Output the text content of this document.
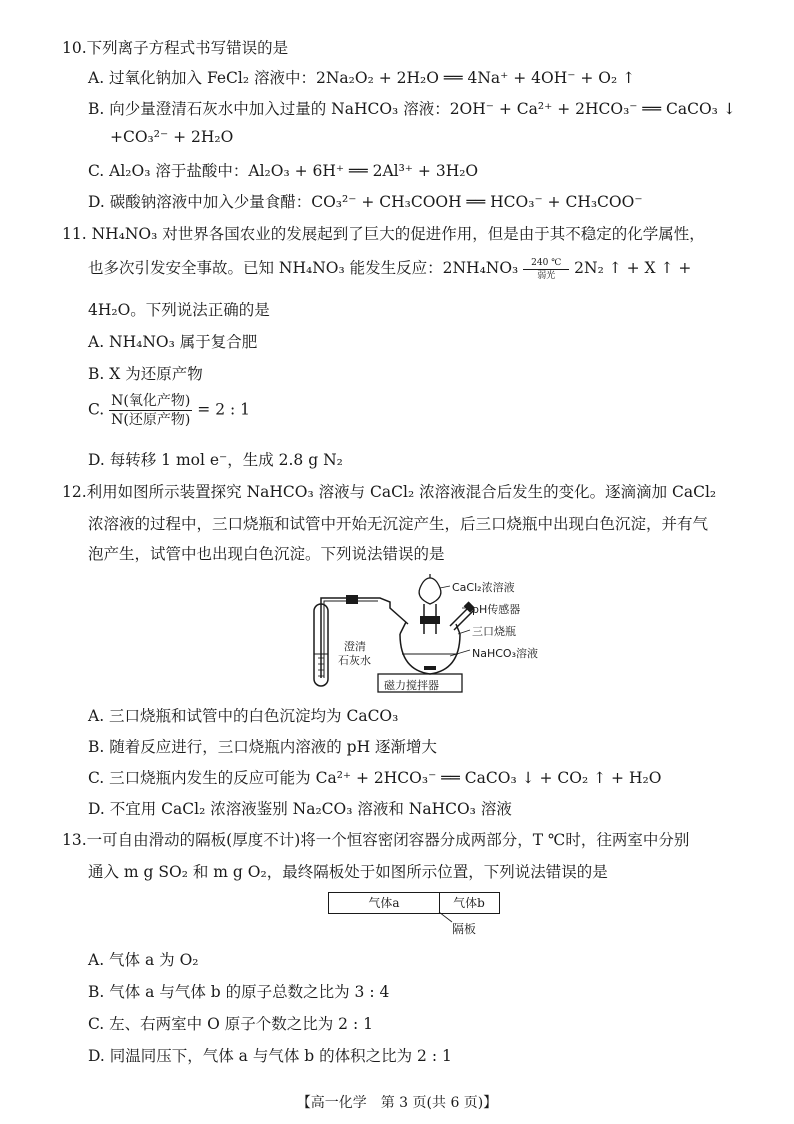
10.下列离子方程式书写错误的是
A. 过氧化钠加入 FeCl₂ 溶液中：2Na₂O₂ + 2H₂O ══ 4Na⁺ + 4OH⁻ + O₂ ↑
B. 向少量澄清石灰水中加入过量的 NaHCO₃ 溶液：2OH⁻ + Ca²⁺ + 2HCO₃⁻ ══ CaCO₃ ↓
+CO₃²⁻ + 2H₂O
C. Al₂O₃ 溶于盐酸中：Al₂O₃ + 6H⁺ ══ 2Al³⁺ + 3H₂O
D. 碳酸钠溶液中加入少量食醋：CO₃²⁻ + CH₃COOH ══ HCO₃⁻ + CH₃COO⁻
11. NH₄NO₃ 对世界各国农业的发展起到了巨大的促进作用，但是由于其不稳定的化学属性，
也多次引发安全事故。已知 NH₄NO₃ 能发生反应：2NH₄NO₃	240 ℃
弱光	2N₂ ↑ + X ↑ +
4H₂O。下列说法正确的是
A. NH₄NO₃ 属于复合肥
B. X 为还原产物
C. $\frac{\text{N(氧化产物)}}{\text{N(还原产物)}} = 2$ : 1
D. 每转移 1 mol e⁻，生成 2.8 g N₂
12.利用如图所示装置探究 NaHCO₃ 溶液与 CaCl₂ 浓溶液混合后发生的变化。逐滴滴加 CaCl₂
浓溶液的过程中，三口烧瓶和试管中开始无沉淀产生，后三口烧瓶中出现白色沉淀，并有气
泡产生，试管中也出现白色沉淀。下列说法错误的是
CaCl₂浓溶液
pH传感器
三口烧瓶
NaHCO₃溶液
澄清
石灰水
磁力搅拌器
A. 三口烧瓶和试管中的白色沉淀均为 CaCO₃
B. 随着反应进行，三口烧瓶内溶液的 pH 逐渐增大
C. 三口烧瓶内发生的反应可能为 Ca²⁺ + 2HCO₃⁻ ══ CaCO₃ ↓ + CO₂ ↑ + H₂O
D. 不宜用 CaCl₂ 浓溶液鉴别 Na₂CO₃ 溶液和 NaHCO₃ 溶液
13.一可自由滑动的隔板(厚度不计)将一个恒容密闭容器分成两部分，T ℃时，往两室中分别
通入 m g SO₂ 和 m g O₂，最终隔板处于如图所示位置，下列说法错误的是
气体a	气体b
隔板
A. 气体 a 为 O₂
B. 气体 a 与气体 b 的原子总数之比为 3 : 4
C. 左、右两室中 O 原子个数之比为 2 : 1
D. 同温同压下，气体 a 与气体 b 的体积之比为 2 : 1
【高一化学　第 3 页(共 6 页)】
